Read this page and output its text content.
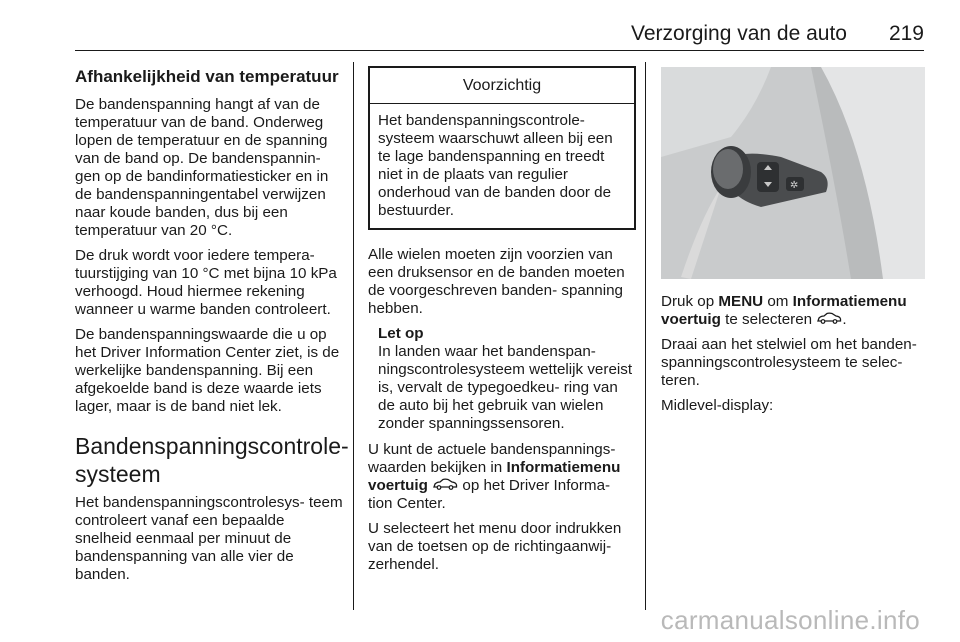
Verzorging van de auto 219
Afhankelijkheid van temperatuur

De bandenspanning hangt af van de temperatuur van de band. Onderweg lopen de temperatuur en de spanning van de band op. De bandenspannin- gen op de bandinformatiesticker en in de bandenspanningentabel verwijzen naar koude banden, dus bij een temperatuur van 20 °C.

De druk wordt voor iedere tempera- tuurstijging van 10 °C met bijna 10 kPa verhoogd. Houd hiermee rekening wanneer u warme banden controleert.

De bandenspanningswaarde die u op het Driver Information Center ziet, is de werkelijke bandenspanning. Bij een afgekoelde band is deze waarde iets lager, maar is de band niet lek.

Bandenspanningscontrole- systeem

Het bandenspanningscontrolesys- teem controleert vanaf een bepaalde snelheid eenmaal per minuut de bandenspanning van alle vier de banden.

Voorzichtig
Het bandenspanningscontrole- systeem waarschuwt alleen bij een te lage bandenspanning en treedt niet in de plaats van regulier onderhoud van de banden door de bestuurder.

Alle wielen moeten zijn voorzien van een druksensor en de banden moeten de voorgeschreven banden- spanning hebben.

Let op
In landen waar het bandenspan- ningscontrolesysteem wettelijk vereist is, vervalt de typegoedkeu- ring van de auto bij het gebruik van wielen zonder spanningssensoren.

U kunt de actuele bandenspannings- waarden bekijken in Informatiemenu voertuig  op het Driver Informa- tion Center.

U selecteert het menu door indrukken van de toetsen op de richtingaanwij- zerhendel.

✲

Druk op MENU om Informatiemenu voertuig te selecteren .

Draai aan het stelwiel om het banden- spanningscontrolesysteem te selec- teren.

Midlevel-display:

carmanualsonline.info
